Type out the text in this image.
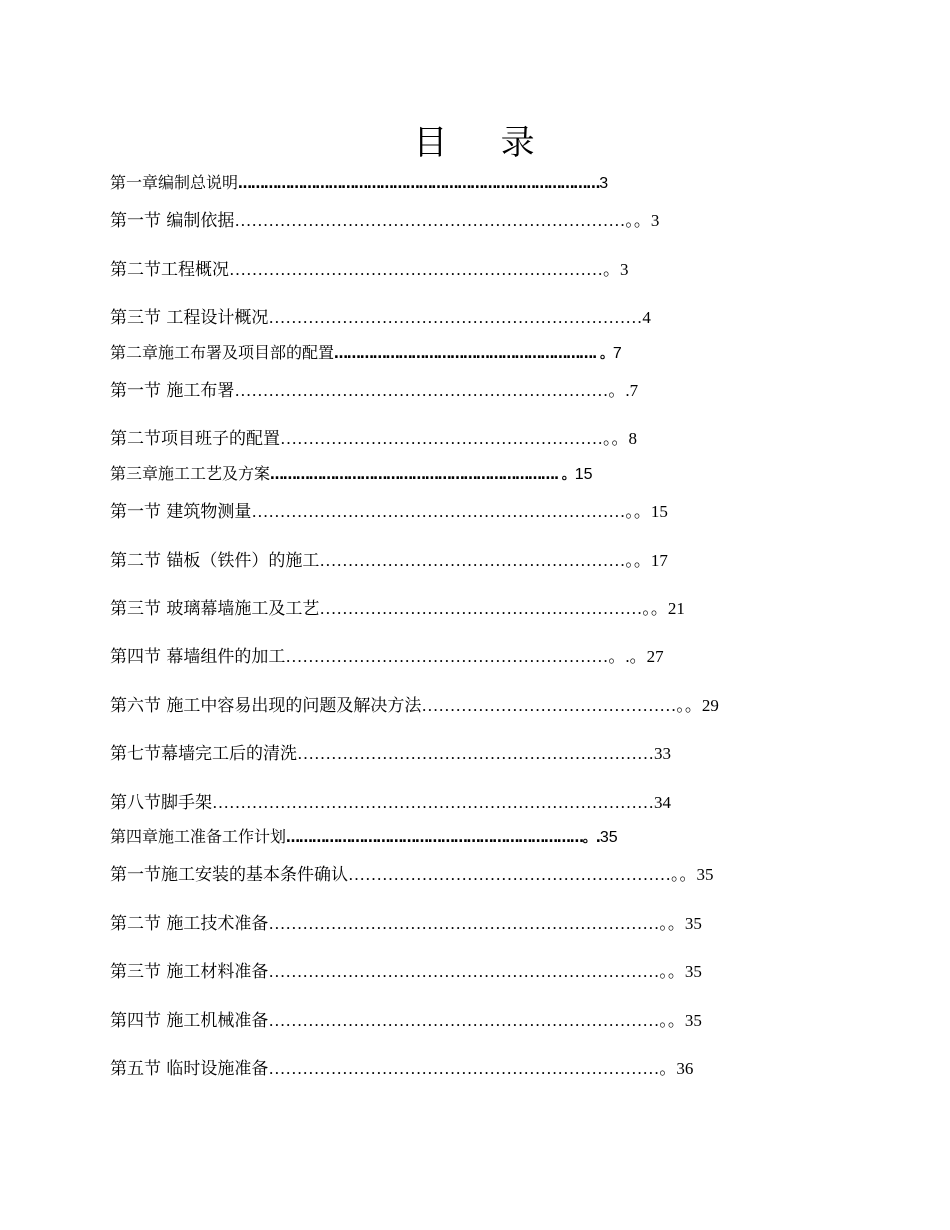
目    录
第一章编制总说明…………………………………………………………………………3
第一节 编制依据……………………………………………………………。。3
第二节工程概况…………………………………………………………。3
第三节 工程设计概况…………………………………………………………4
第二章施工布署及项目部的配置……………………………………………………. 。7
第一节 施工布署…………………………………………………………。.7
第二节项目班子的配置…………………………………………………。。8
第三章施工工艺及方案…………………………………………………………. 。15
第一节 建筑物测量…………………………………………………………。。15
第二节 锚板（铁件）的施工………………………………………………。。17
第三节 玻璃幕墙施工及工艺…………………………………………………。。21
第四节 幕墙组件的加工…………………………………………………。.。27
第六节 施工中容易出现的问题及解决方法………………………………………。。29
第七节幕墙完工后的清洗………………………………………………………33
第八节脚手架……………………………………………………………………34
第四章施工准备工作计划……………………………………………………………。.35
第一节施工安装的基本条件确认…………………………………………………。。35
第二节 施工技术准备……………………………………………………………。。35
第三节 施工材料准备……………………………………………………………。。35
第四节 施工机械准备……………………………………………………………。。35
第五节 临时设施准备……………………………………………………………。36
